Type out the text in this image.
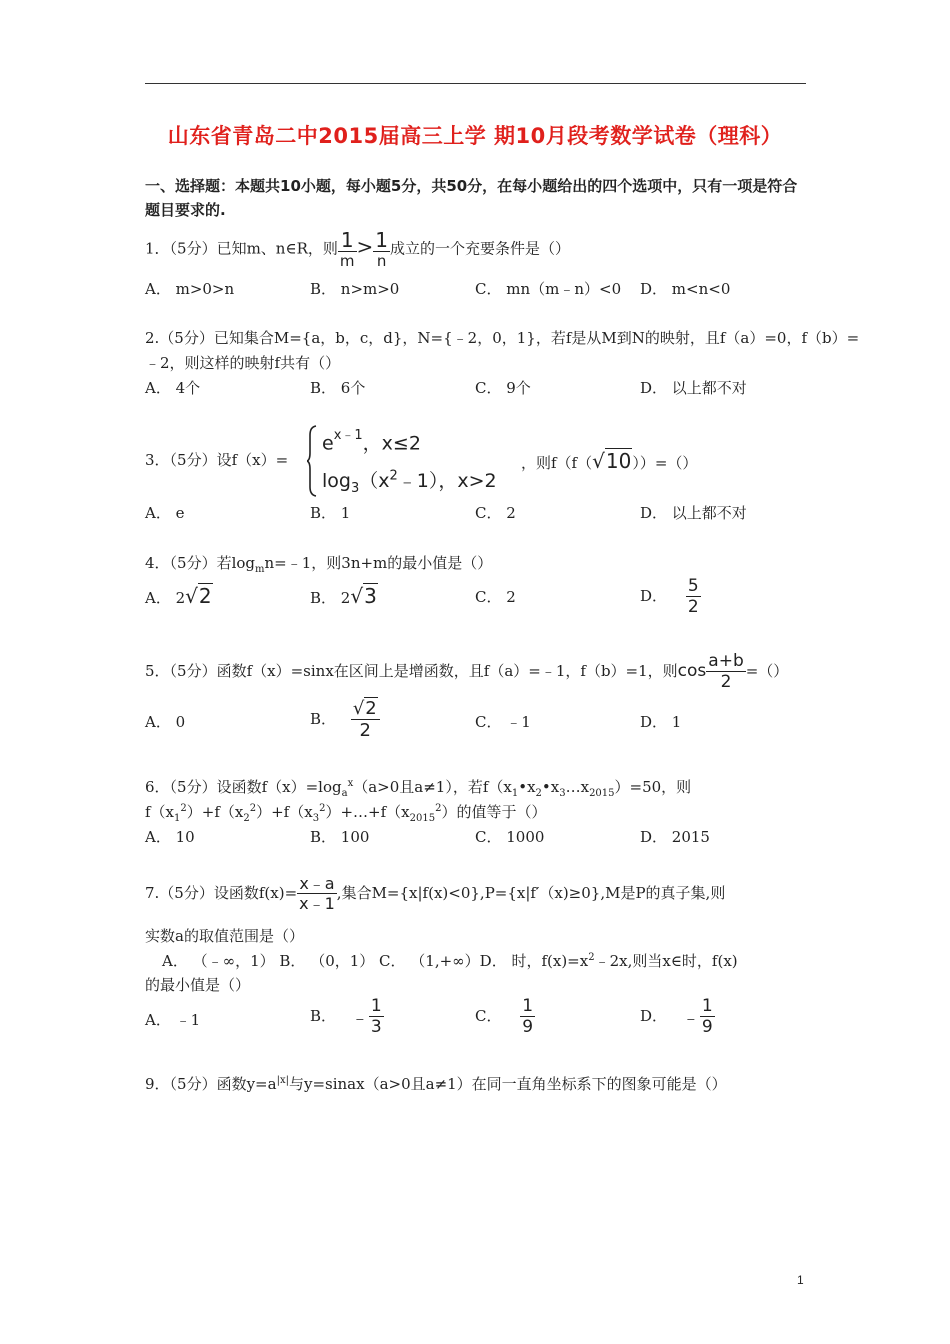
山东省青岛二中2015届高三上学 期10月段考数学试卷（理科）
一、选择题：本题共10小题，每小题5分，共50分，在每小题给出的四个选项中，只有一项是符合题目要求的.
1．（5分）已知m、n∈R，则 $\frac{1}{m} > \frac{1}{n}$ 成立的一个充要条件是（）
A． m>0>n	B． n>m>0	C． mn（m﹣n）<0 D． m<n<0
2.（5分）已知集合M={a，b，c，d}，N={﹣2，0，1}，若f是从M到N的映射，且f（a）=0，f（b）=
﹣2，则这样的映射f共有（）
A． 4个	B． 6个	C． 9个	D． 以上都不对
3．（5分）设f（x）=
$e^{x﹣1}$，x≤2
$\log_3(x^2﹣1)$，x>2
，则f（f（√10））=（）
A． e	B． 1	C． 2	D． 以上都不对
4．（5分）若$\log_mn=﹣1$，则3n+m的最小值是（）
A． 2√2	B． 2√3	C． 2	D． $\frac{5}{2}$
5．（5分）函数f（x）=sinx在区间上是增函数，且f（a）=﹣1，f（b）=1，则$\cos \frac{a+b}{2}$ =（）
A． 0	B． $\frac{√2}{2}$	C． ﹣1	D． 1
6．（5分）设函数$f(x)=\log_a^x(a>0$且a≠1），若$f(x_1•x_2•x_3\dots x_{2015})=50$，则
$f(x_1^2)+f(x_2^2)+f(x_3^2)+\dots+f(x_{2015}^2)$的值等于（）
A． 10	B． 100	C． 1000	D． 2015
7.（5分）设函数$f(x)= \frac{x﹣a}{x﹣1}$ ,集合M={x|f(x)<0},P={x|f′（x)≥0},M是P的真子集,则
实数a的取值范围是（）
A． （﹣∞，1） B． （0，1） C． （1,+∞）D． 时，$f(x)=x^2﹣2x$,则当x∈时，f(x)
的最小值是（）
A． ﹣1	B． ﹣ $\frac{1}{3}$	C． $\frac{1}{9}$	D． ﹣ $\frac{1}{9}$
9．（5分）函数$y=a^{|x|}$与y=sinax（a>0且a≠1）在同一直角坐标系下的图象可能是（）
1
